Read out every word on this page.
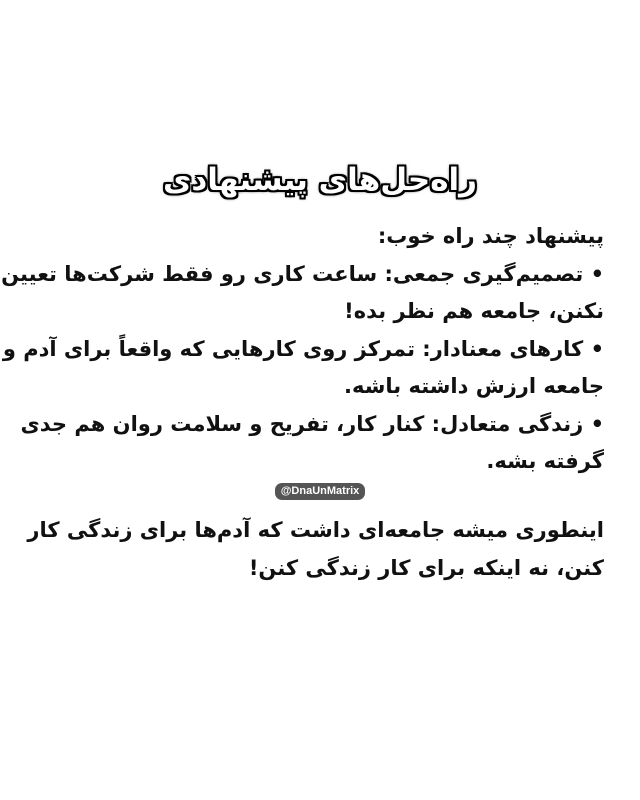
راه‌حل‌های پیشنهادی
پیشنهاد چند راه خوب:
• تصمیم‌گیری جمعی: ساعت کاری رو فقط شرکت‌ها تعیین
نکنن، جامعه هم نظر بده!
• کارهای معنادار: تمرکز روی کارهایی که واقعاً برای آدم و
جامعه ارزش داشته باشه.
• زندگی متعادل: کنار کار، تفریح و سلامت روان هم جدی
گرفته بشه.
@DnaUnMatrix
اینطوری میشه جامعه‌ای داشت که آدم‌ها برای زندگی کار
کنن، نه اینکه برای کار زندگی کنن!
